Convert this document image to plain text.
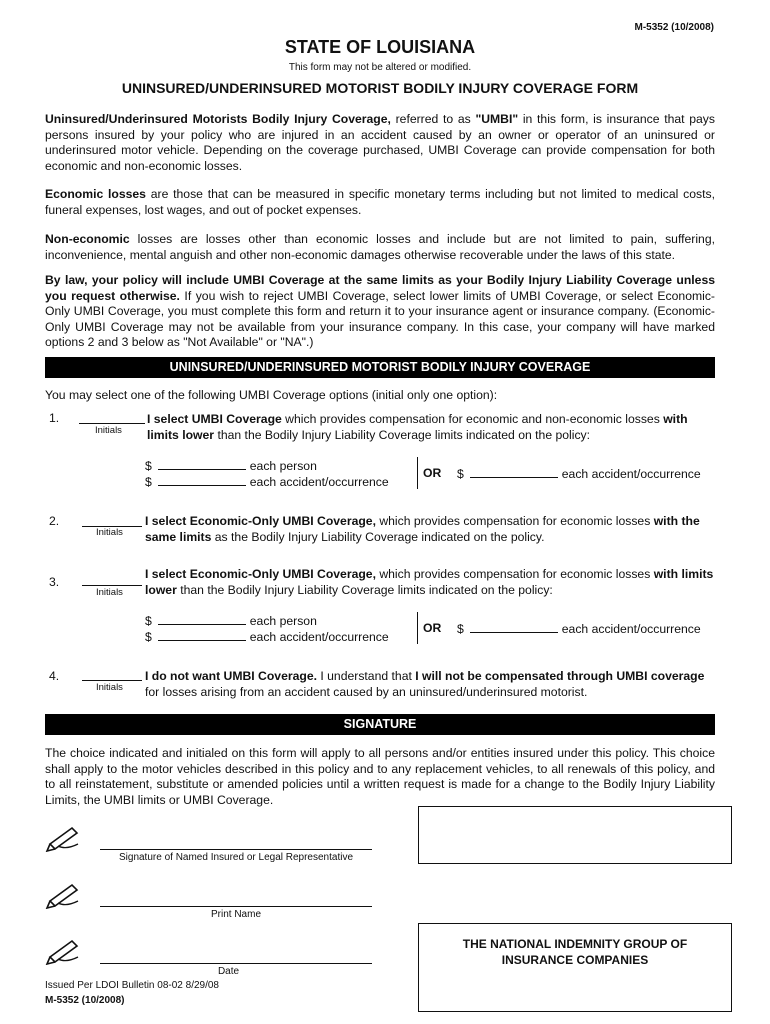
M-5352 (10/2008)
STATE OF LOUISIANA
This form may not be altered or modified.
UNINSURED/UNDERINSURED MOTORIST BODILY INJURY COVERAGE FORM
Uninsured/Underinsured Motorists Bodily Injury Coverage, referred to as "UMBI" in this form, is insurance that pays persons insured by your policy who are injured in an accident caused by an owner or operator of an uninsured or underinsured motor vehicle. Depending on the coverage purchased, UMBI Coverage can provide compensation for both economic and non-economic losses.
Economic losses are those that can be measured in specific monetary terms including but not limited to medical costs, funeral expenses, lost wages, and out of pocket expenses.
Non-economic losses are losses other than economic losses and include but are not limited to pain, suffering, inconvenience, mental anguish and other non-economic damages otherwise recoverable under the laws of this state.
By law, your policy will include UMBI Coverage at the same limits as your Bodily Injury Liability Coverage unless you request otherwise. If you wish to reject UMBI Coverage, select lower limits of UMBI Coverage, or select Economic-Only UMBI Coverage, you must complete this form and return it to your insurance agent or insurance company. (Economic-Only UMBI Coverage may not be available from your insurance company. In this case, your company will have marked options 2 and 3 below as "Not Available" or "NA".)
UNINSURED/UNDERINSURED MOTORIST BODILY INJURY COVERAGE
You may select one of the following UMBI Coverage options (initial only one option):
1.
Initials
I select UMBI Coverage which provides compensation for economic and non-economic losses with limits lower than the Bodily Injury Liability Coverage limits indicated on the policy:
$	each person
$	each accident/occurrence
OR $	each accident/occurrence
2.
Initials
I select Economic-Only UMBI Coverage, which provides compensation for economic losses with the same limits as the Bodily Injury Liability Coverage indicated on the policy.
3.
Initials
I select Economic-Only UMBI Coverage, which provides compensation for economic losses with limits lower than the Bodily Injury Liability Coverage limits indicated on the policy:
$	each person
$	each accident/occurrence
OR $	each accident/occurrence
4.
Initials
I do not want UMBI Coverage. I understand that I will not be compensated through UMBI coverage for losses arising from an accident caused by an uninsured/underinsured motorist.
SIGNATURE
The choice indicated and initialed on this form will apply to all persons and/or entities insured under this policy. This choice shall apply to the motor vehicles described in this policy and to any replacement vehicles, to all renewals of this policy, and to all reinstatement, substitute or amended policies until a written request is made for a change to the Bodily Injury Liability Limits, the UMBI limits or UMBI Coverage.
Signature of Named Insured or Legal Representative
Print Name
Date
THE NATIONAL INDEMNITY GROUP OF
INSURANCE COMPANIES
Issued Per LDOI Bulletin 08-02 8/29/08
M-5352 (10/2008)
